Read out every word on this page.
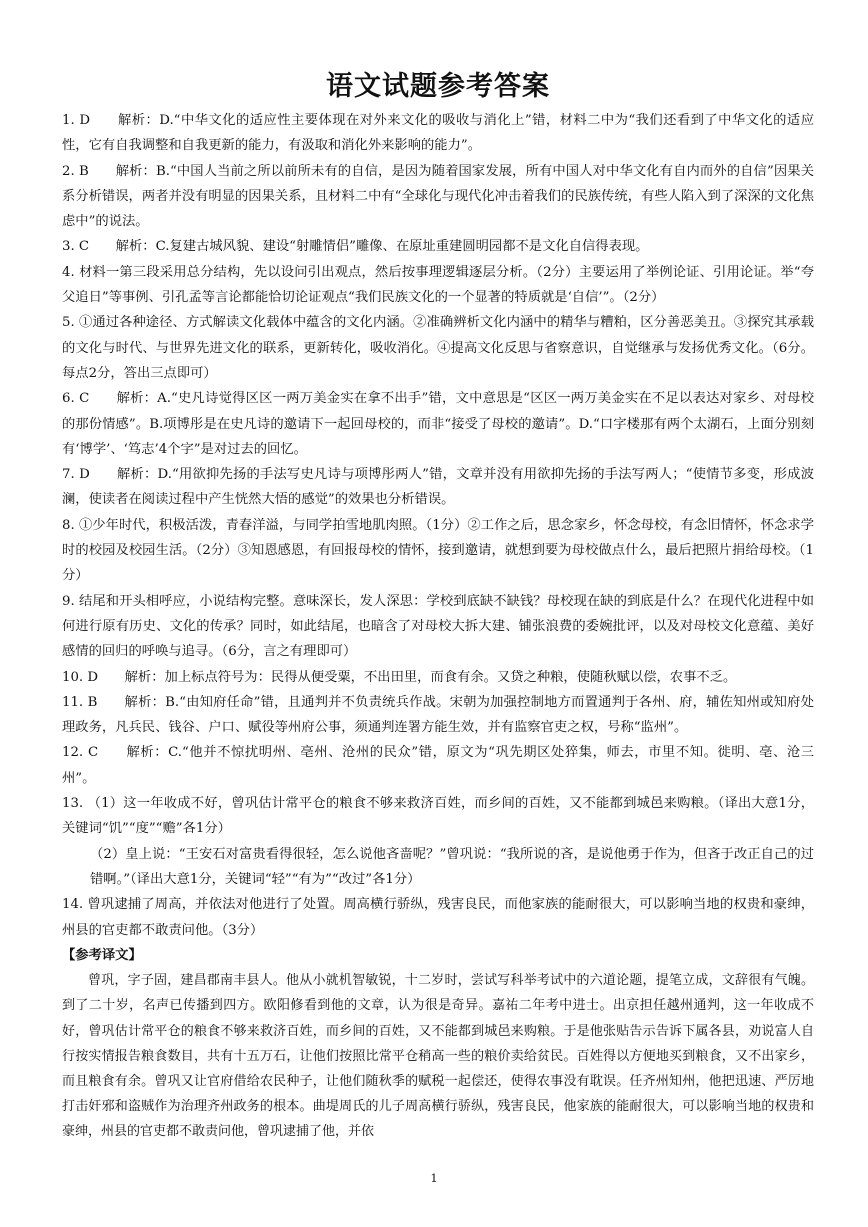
语文试题参考答案

1. D　　解析：D.“中华文化的适应性主要体现在对外来文化的吸收与消化上”错，材料二中为“我们还看到了中华文化的适应性，它有自我调整和自我更新的能力，有汲取和消化外来影响的能力”。

2. B　　解析：B.“中国人当前之所以前所未有的自信，是因为随着国家发展，所有中国人对中华文化有自内而外的自信”因果关系分析错误，两者并没有明显的因果关系，且材料二中有“全球化与现代化冲击着我们的民族传统，有些人陷入到了深深的文化焦虑中”的说法。

3. C　　解析：C.复建古城风貌、建设“射雕情侣”雕像、在原址重建圆明园都不是文化自信得表现。

4. 材料一第三段采用总分结构，先以设问引出观点，然后按事理逻辑逐层分析。（2分）主要运用了举例论证、引用论证。举“夸父追日”等事例、引孔孟等言论都能恰切论证观点“我们民族文化的一个显著的特质就是‘自信’”。（2分）

5. ①通过各种途径、方式解读文化载体中蕴含的文化内涵。②准确辨析文化内涵中的精华与糟粕，区分善恶美丑。③探究其承载的文化与时代、与世界先进文化的联系，更新转化，吸收消化。④提高文化反思与省察意识，自觉继承与发扬优秀文化。（6分。每点2分，答出三点即可）

6. C　　解析：A.“史凡诗觉得区区一两万美金实在拿不出手”错，文中意思是“区区一两万美金实在不足以表达对家乡、对母校的那份情感”。B.项博彤是在史凡诗的邀请下一起回母校的，而非“接受了母校的邀请”。D.“口字楼那有两个太湖石，上面分别刻有‘博学’、‘笃志’4个字”是对过去的回忆。

7. D　　解析：D.“用欲抑先扬的手法写史凡诗与项博彤两人”错，文章并没有用欲抑先扬的手法写两人；“使情节多变，形成波澜，使读者在阅读过程中产生恍然大悟的感觉”的效果也分析错误。

8. ①少年时代，积极活泼，青春洋溢，与同学拍雪地肌肉照。（1分）②工作之后，思念家乡，怀念母校，有念旧情怀，怀念求学时的校园及校园生活。（2分）③知恩感恩，有回报母校的情怀，接到邀请，就想到要为母校做点什么，最后把照片捐给母校。（1分）

9. 结尾和开头相呼应，小说结构完整。意味深长，发人深思：学校到底缺不缺钱？母校现在缺的到底是什么？在现代化进程中如何进行原有历史、文化的传承？同时，如此结尾，也暗含了对母校大拆大建、铺张浪费的委婉批评，以及对母校文化意蕴、美好感情的回归的呼唤与追寻。（6分，言之有理即可）

10. D　　解析：加上标点符号为：民得从便受粟，不出田里，而食有余。又贷之种粮，使随秋赋以偿，农事不乏。

11. B　　解析：B.“由知府任命”错，且通判并不负责统兵作战。宋朝为加强控制地方而置通判于各州、府，辅佐知州或知府处理政务，凡兵民、钱谷、户口、赋役等州府公事，须通判连署方能生效，并有监察官吏之权，号称“监州”。

12. C　　解析：C.“他并不惊扰明州、亳州、沧州的民众”错，原文为“巩先期区处猝集，师去，市里不知。徙明、亳、沧三州”。

13. （1）这一年收成不好，曾巩估计常平仓的粮食不够来救济百姓，而乡间的百姓，又不能都到城邑来购粮。（译出大意1分，关键词“饥”“度”“赡”各1分）

（2）皇上说：“王安石对富贵看得很轻，怎么说他吝啬呢？”曾巩说：“我所说的吝，是说他勇于作为，但吝于改正自己的过错啊。”（译出大意1分，关键词“轻”“有为”“改过”各1分）

14. 曾巩逮捕了周高，并依法对他进行了处置。周高横行骄纵，残害良民，而他家族的能耐很大，可以影响当地的权贵和豪绅，州县的官吏都不敢责问他。（3分）

【参考译文】

曾巩，字子固，建昌郡南丰县人。他从小就机智敏锐，十二岁时，尝试写科举考试中的六道论题，提笔立成，文辞很有气魄。到了二十岁，名声已传播到四方。欧阳修看到他的文章，认为很是奇异。嘉祐二年考中进士。出京担任越州通判，这一年收成不好，曾巩估计常平仓的粮食不够来救济百姓，而乡间的百姓，又不能都到城邑来购粮。于是他张贴告示告诉下属各县，劝说富人自行按实情报告粮食数目，共有十五万石，让他们按照比常平仓稍高一些的粮价卖给贫民。百姓得以方便地买到粮食，又不出家乡，而且粮食有余。曾巩又让官府借给农民种子，让他们随秋季的赋税一起偿还，使得农事没有耽误。任齐州知州，他把迅速、严厉地打击奸邪和盗贼作为治理齐州政务的根本。曲堤周氏的儿子周高横行骄纵，残害良民，他家族的能耐很大，可以影响当地的权贵和豪绅，州县的官吏都不敢责问他，曾巩逮捕了他，并依

1
